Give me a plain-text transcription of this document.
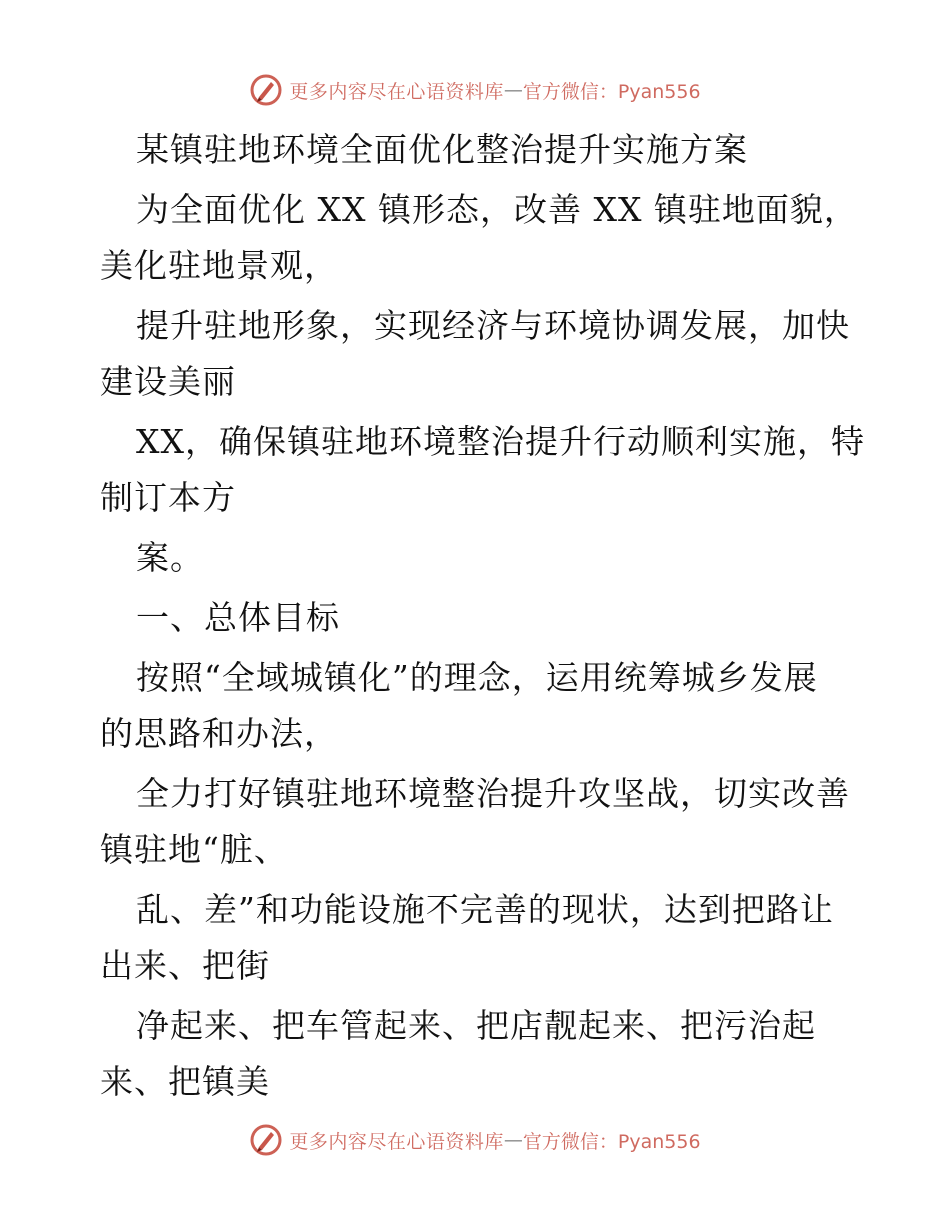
更多内容尽在心语资料库 — 官方微信：Pyan556
某镇驻地环境全面优化整治提升实施方案
为全面优化 XX 镇形态，改善 XX 镇驻地面貌，
美化驻地景观，
提升驻地形象，实现经济与环境协调发展，加快
建设美丽
XX，确保镇驻地环境整治提升行动顺利实施，特
制订本方
案。
一、总体目标
按照“全域城镇化”的理念，运用统筹城乡发展
的思路和办法，
全力打好镇驻地环境整治提升攻坚战，切实改善
镇驻地“脏、
乱、差”和功能设施不完善的现状，达到把路让
出来、把街
净起来、把车管起来、把店靓起来、把污治起
来、把镇美
更多内容尽在心语资料库 — 官方微信：Pyan556
